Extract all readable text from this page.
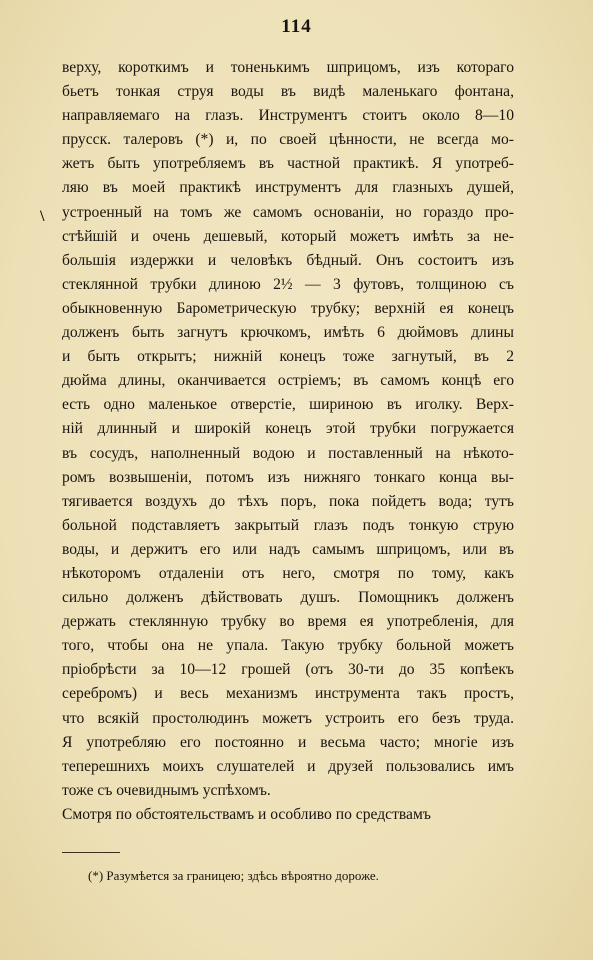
114
\
верху, короткимъ и тоненькимъ шприцомъ, изъ котораго
бьетъ тонкая струя воды въ видѣ маленькаго фонтана,
направляемаго на глазъ. Инструментъ стоитъ около 8—10
прусск. талеровъ (*) и, по своей цѣнности, не всегда мо-
жетъ быть употребляемъ въ частной практикѣ. Я употреб-
ляю въ моей практикѣ инструментъ для глазныхъ душей,
устроенный на томъ же самомъ основанiи, но гораздо про-
стѣйшій и очень дешевый, который можетъ имѣть за не-
большія издержки и человѣкъ бѣдный. Онъ состоитъ изъ
стеклянной трубки длиною 2½ — 3 футовъ, толщиною съ
обыкновенную Барометрическую трубку; верхній ея конецъ
долженъ быть загнутъ крючкомъ, имѣть 6 дюймовъ длины
и быть открытъ; нижній конецъ тоже загнутый, въ 2
дюйма длины, оканчивается остріемъ; въ самомъ концѣ его
есть одно маленькое отверстіе, шириною въ иголку. Верх-
ній длинный и широкій конецъ этой трубки погружается
въ сосудъ, наполненный водою и поставленный на нѣкото-
ромъ возвышенiи, потомъ изъ нижняго тонкаго конца вы-
тягивается воздухъ до тѣхъ поръ, пока пойдетъ вода; тутъ
больной подставляетъ закрытый глазъ подъ тонкую струю
воды, и держитъ его или надъ самымъ шприцомъ, или въ
нѣкоторомъ отдаленiи отъ него, смотря по тому, какъ
сильно долженъ дѣйствовать душъ. Помощникъ долженъ
держать стеклянную трубку во время ея употребленія, для
того, чтобы она не упала. Такую трубку больной можетъ
пріобрѣсти за 10—12 грошей (отъ 30-ти до 35 копѣекъ
серебромъ) и весь механизмъ инструмента такъ простъ,
что всякій простолюдинъ можетъ устроить его безъ труда.
Я употребляю его постоянно и весьма часто; многіе изъ
теперешнихъ моихъ слушателей и друзей пользовались имъ
тоже съ очевиднымъ успѣхомъ.
Смотря по обстоятельствамъ и особливо по средствамъ
(*) Разумѣется за границею; здѣсь вѣроятно дороже.
